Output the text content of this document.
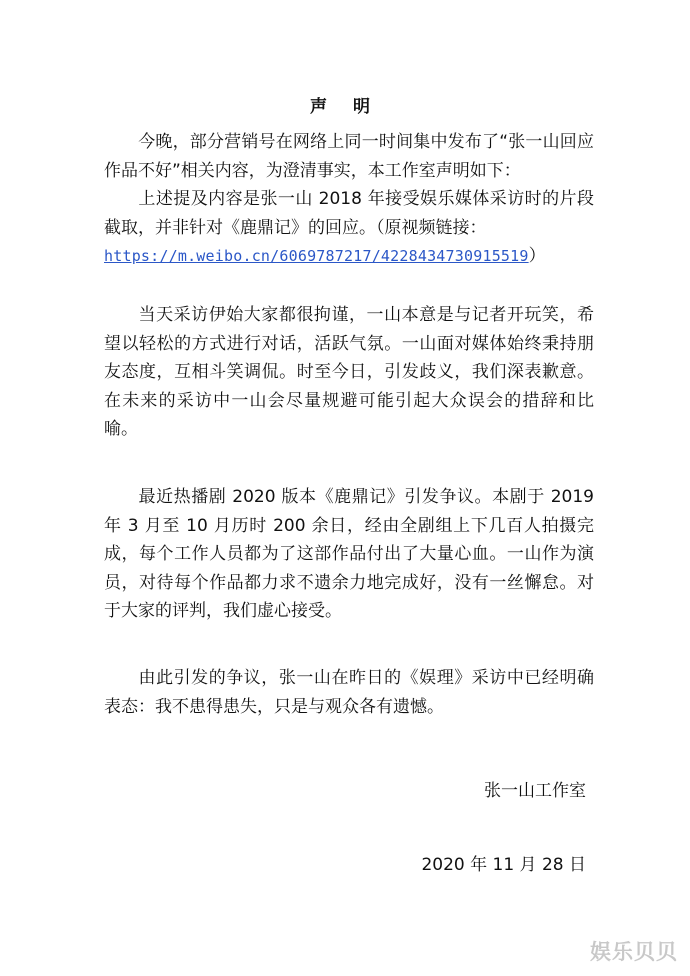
声 明

今晚，部分营销号在网络上同一时间集中发布了“张一山回应作品不好”相关内容，为澄清事实，本工作室声明如下：

上述提及内容是张一山 2018 年接受娱乐媒体采访时的片段截取，并非针对《鹿鼎记》的回应。（原视频链接：
https://m.weibo.cn/6069787217/4228434730915519）

当天采访伊始大家都很拘谨，一山本意是与记者开玩笑，希望以轻松的方式进行对话，活跃气氛。一山面对媒体始终秉持朋友态度，互相斗笑调侃。时至今日，引发歧义，我们深表歉意。在未来的采访中一山会尽量规避可能引起大众误会的措辞和比喻。

最近热播剧 2020 版本《鹿鼎记》引发争议。本剧于 2019 年 3 月至 10 月历时 200 余日，经由全剧组上下几百人拍摄完成，每个工作人员都为了这部作品付出了大量心血。一山作为演员，对待每个作品都力求不遗余力地完成好，没有一丝懈怠。对于大家的评判，我们虚心接受。

由此引发的争议，张一山在昨日的《娱理》采访中已经明确表态：我不患得患失，只是与观众各有遗憾。

张一山工作室
2020 年 11 月 28 日
娱乐贝贝
